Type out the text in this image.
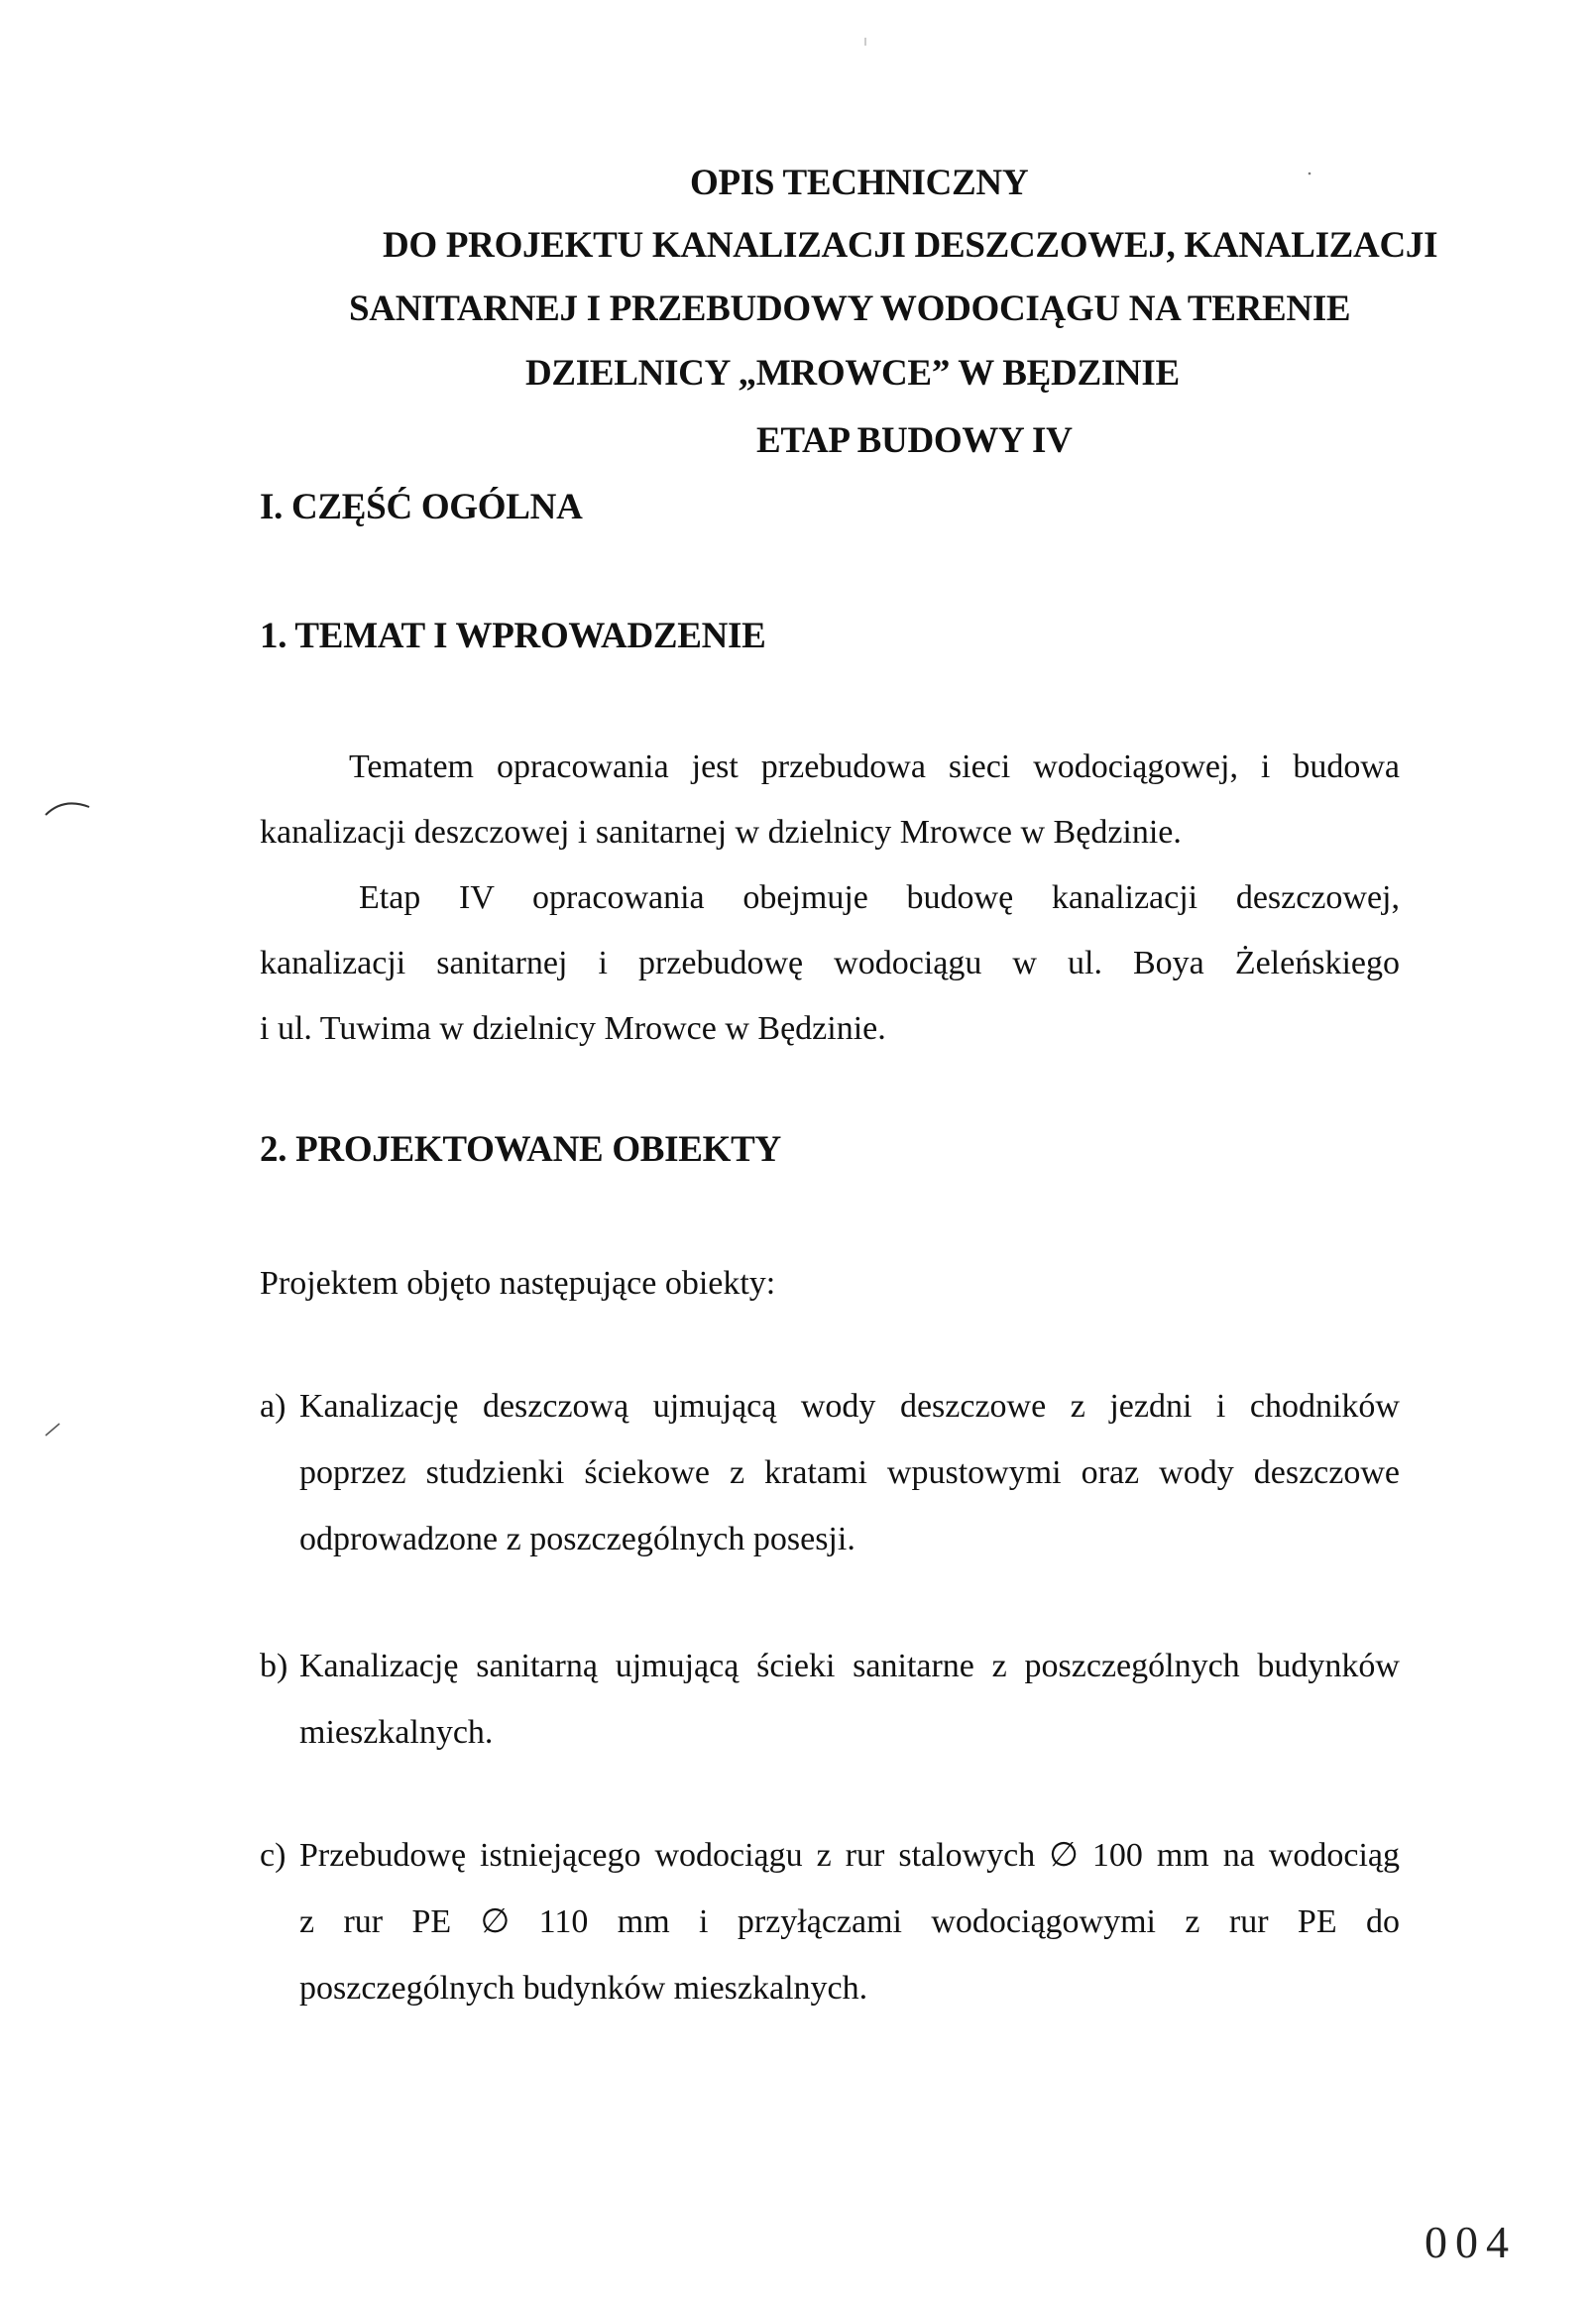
OPIS TECHNICZNY
DO PROJEKTU KANALIZACJI DESZCZOWEJ, KANALIZACJI
SANITARNEJ I PRZEBUDOWY WODOCIĄGU NA TERENIE
DZIELNICY „MROWCE” W BĘDZINIE
ETAP BUDOWY IV
I. CZĘŚĆ OGÓLNA
1. TEMAT I WPROWADZENIE
Tematem opracowania jest przebudowa sieci wodociągowej, i budowa
kanalizacji deszczowej i sanitarnej w dzielnicy Mrowce w Będzinie.
Etap IV opracowania obejmuje budowę kanalizacji deszczowej,
kanalizacji sanitarnej i przebudowę wodociągu w ul. Boya Żeleńskiego
i ul. Tuwima w dzielnicy Mrowce w Będzinie.
2. PROJEKTOWANE OBIEKTY
Projektem objęto następujące obiekty:
a) Kanalizację deszczową ujmującą wody deszczowe z jezdni i chodników
poprzez studzienki ściekowe z kratami wpustowymi oraz wody deszczowe
odprowadzone z poszczególnych posesji.
b) Kanalizację sanitarną ujmującą ścieki sanitarne z poszczególnych budynków
mieszkalnych.
c) Przebudowę istniejącego wodociągu z rur stalowych ∅ 100 mm na wodociąg
z rur PE ∅ 110 mm i przyłączami wodociągowymi z rur PE do
poszczególnych budynków mieszkalnych.
004
